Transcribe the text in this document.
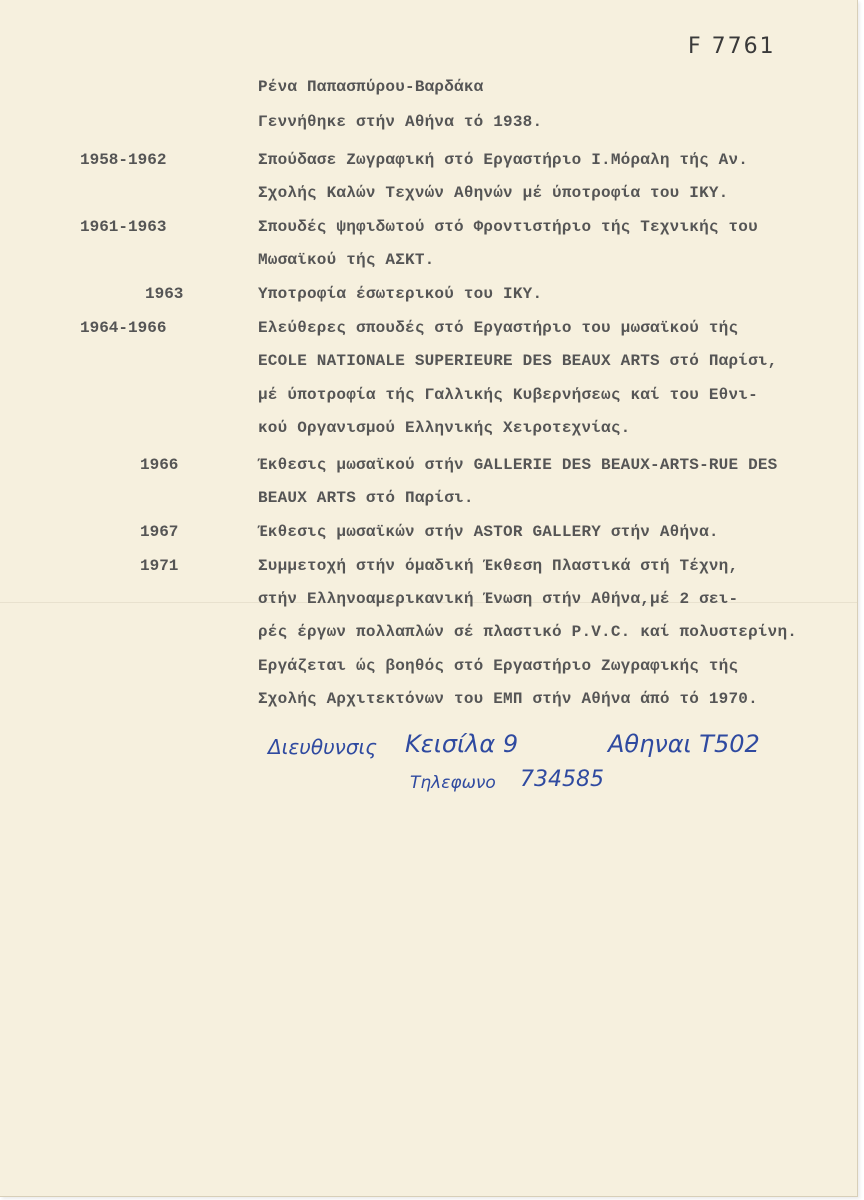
F 7761
Ρένα Παπασπύρου-Βαρδάκα
Γεννήθηκε στήν Αθήνα τό 1938.
1958-1962	Σπούδασε Ζωγραφική στό Εργαστήριο Ι.Μόραλη τής Αν.
Σχολής Καλών Τεχνών Αθηνών μέ ύποτροφία του ΙΚΥ.
1961-1963	Σπουδές ψηφιδωτού στό Φροντιστήριο τής Τεχνικής του
Μωσαϊκού τής ΑΣΚΤ.
1963	Υποτροφία έσωτερικού του ΙΚΥ.
1964-1966	Ελεύθερες σπουδές στό Εργαστήριο του μωσαϊκού τής
ECOLE NATIONALE SUPERIEURE DES BEAUX ARTS στό Παρίσι,
μέ ύποτροφία τής Γαλλικής Κυβερνήσεως καί του Εθνι-
κού Οργανισμού Ελληνικής Χειροτεχνίας.
1966	Έκθεσις μωσαϊκού στήν GALLERIE DES BEAUX-ARTS-RUE DES
BEAUX ARTS στό Παρίσι.
1967	Έκθεσις μωσαϊκών στήν ASTOR GALLERY στήν Αθήνα.
1971	Συμμετοχή στήν όμαδική Έκθεση Πλαστικά στή Τέχνη,
στήν Ελληνοαμερικανική Ένωση στήν Αθήνα,μέ 2 σει-
ρές έργων πολλαπλών σέ πλαστικό P.V.C. καί πολυστερίνη.
Εργάζεται ώς βοηθός στό Εργαστήριο Ζωγραφικής τής
Σχολής Αρχιτεκτόνων του ΕΜΠ στήν Αθήνα άπό τό 1970.
Διευθυνσις Κεισίλα 9	Αθηναι Τ502
Τηλεφωνο 734585
